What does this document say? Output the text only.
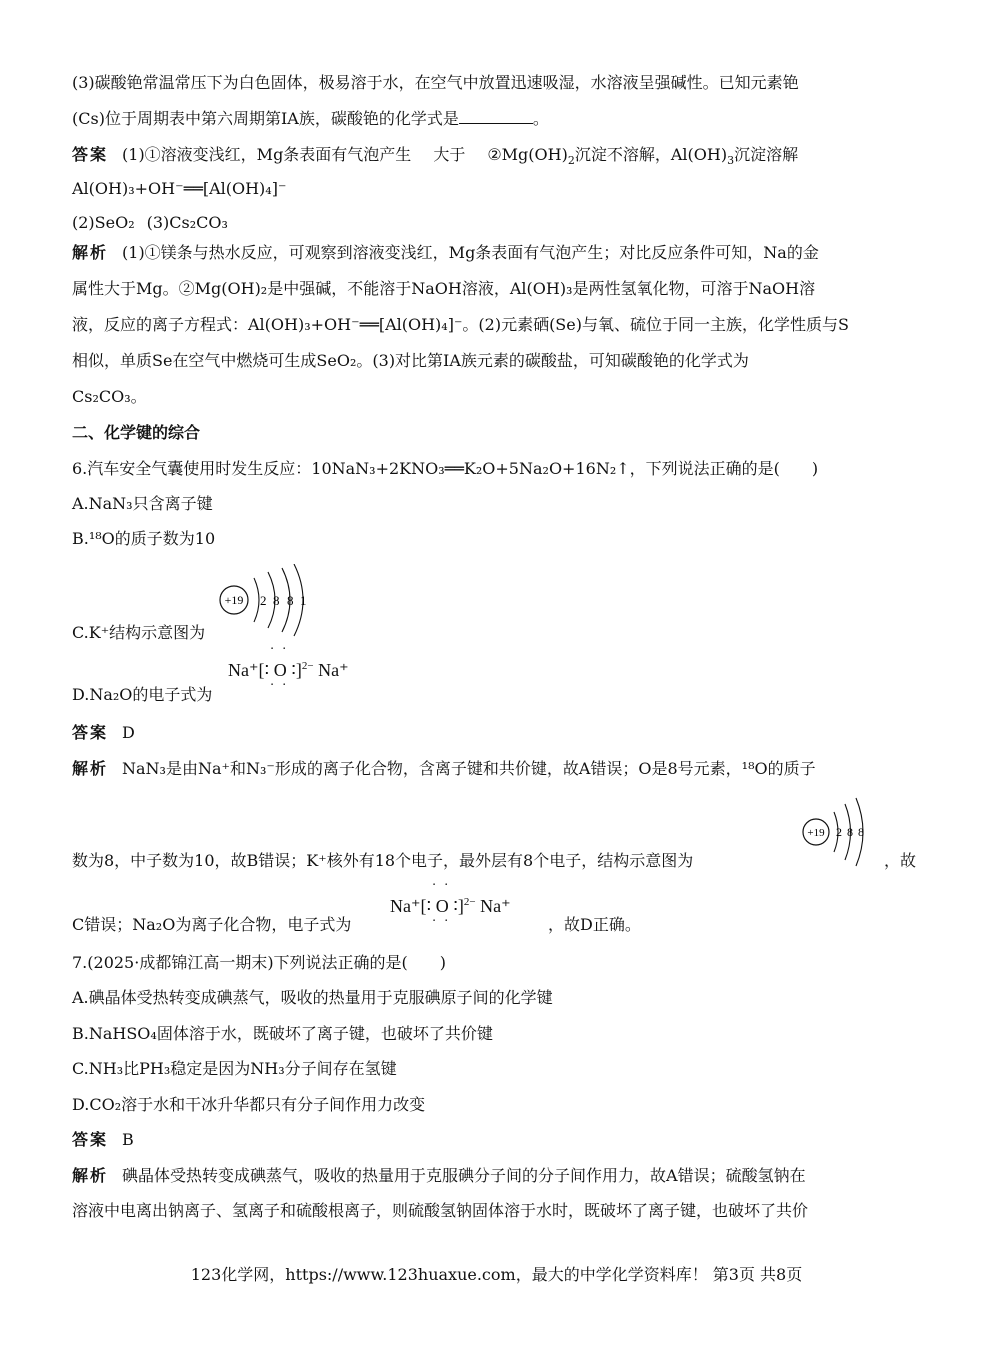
(3)碳酸铯常温常压下为白色固体，极易溶于水，在空气中放置迅速吸湿，水溶液呈强碱性。已知元素铯
(Cs)位于周期表中第六周期第ⅠA族，碳酸铯的化学式是	。
答案 (1)①溶液变浅红，Mg条表面有气泡产生 大于 $②Mg(OH)_2$沉淀不溶解，$Al(OH)_3$沉淀溶解
Al(OH)₃+OH⁻══[Al(OH)₄]⁻
(2)SeO₂ (3)Cs₂CO₃
解析 (1)①镁条与热水反应，可观察到溶液变浅红，Mg条表面有气泡产生；对比反应条件可知，Na的金
属性大于Mg。②Mg(OH)₂是中强碱，不能溶于NaOH溶液，Al(OH)₃是两性氢氧化物，可溶于NaOH溶
液，反应的离子方程式：Al(OH)₃+OH⁻══[Al(OH)₄]⁻。(2)元素硒(Se)与氧、硫位于同一主族，化学性质与S
相似，单质Se在空气中燃烧可生成SeO₂。(3)对比第ⅠA族元素的碳酸盐，可知碳酸铯的化学式为
Cs₂CO₃。
二、化学键的综合
6.汽车安全气囊使用时发生反应：10NaN₃+2KNO₃══K₂O+5Na₂O+16N₂↑，下列说法正确的是(　　)
A.NaN₃只含离子键
B.¹⁸O的质子数为10
C.K⁺结构示意图为
+19 2 8 8 1
D.Na₂O的电子式为
Na⁺[∶
· ·
O
· ·
∶]$^{2-}$ Na⁺
答案 D
解析 NaN₃是由Na⁺和N₃⁻形成的离子化合物，含离子键和共价键，故A错误；O是8号元素，¹⁸O的质子
+19 2 8 8
数为8，中子数为10，故B错误；K⁺核外有18个电子，最外层有8个电子，结构示意图为	，故
C错误；Na₂O为离子化合物，电子式为
Na⁺[∶
· ·
O
· ·
∶]$^{2-}$ Na⁺
，故D正确。
7.(2025·成都锦江高一期末)下列说法正确的是(　　)
A.碘晶体受热转变成碘蒸气，吸收的热量用于克服碘原子间的化学键
B.NaHSO₄固体溶于水，既破坏了离子键，也破坏了共价键
C.NH₃比PH₃稳定是因为NH₃分子间存在氢键
D.CO₂溶于水和干冰升华都只有分子间作用力改变
答案 B
解析 碘晶体受热转变成碘蒸气，吸收的热量用于克服碘分子间的分子间作用力，故A错误；硫酸氢钠在
溶液中电离出钠离子、氢离子和硫酸根离子，则硫酸氢钠固体溶于水时，既破坏了离子键，也破坏了共价
123化学网，https://www.123huaxue.com，最大的中学化学资料库！ 第3页 共8页
